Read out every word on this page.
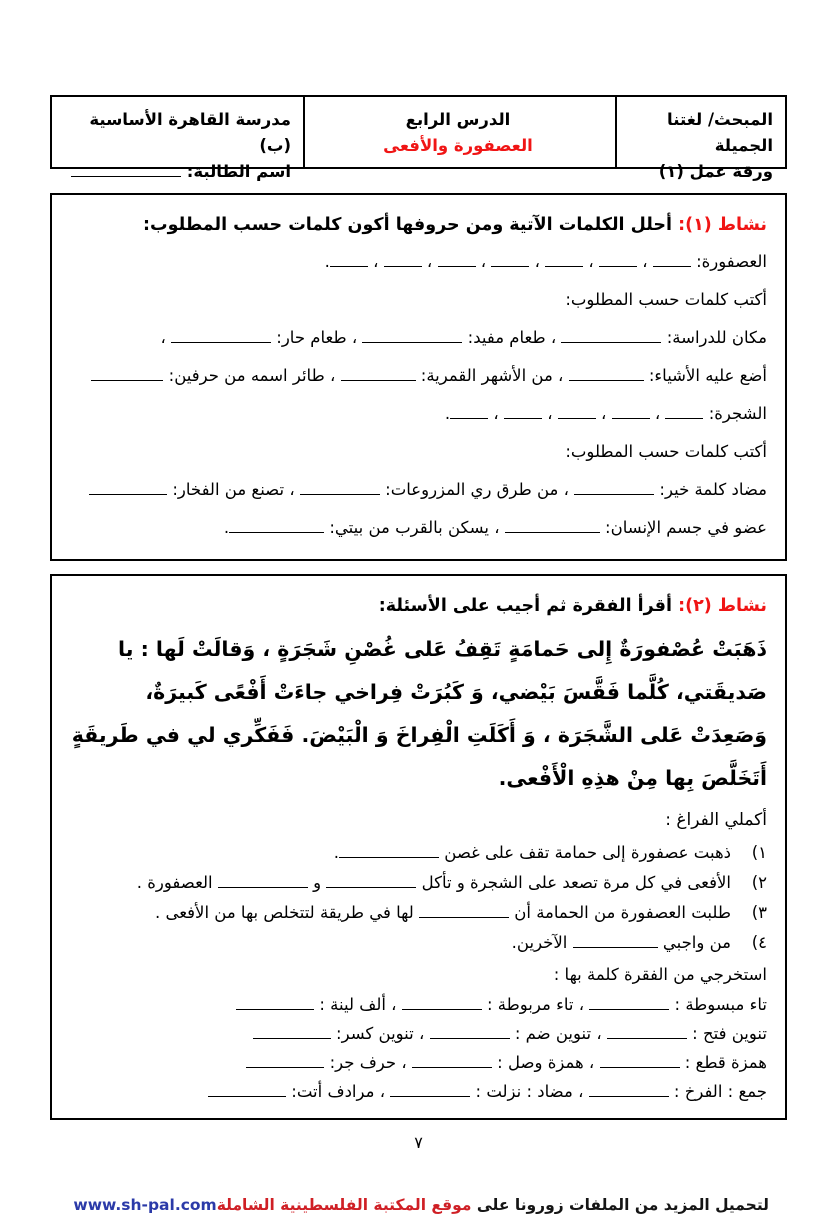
المبحث/ لغتنا الجميلة
ورقة عمل (١)
الدرس الرابع
العصفورة والأفعى
مدرسة القاهرة الأساسية (ب)
اسم الطالبة:
نشاط (١): أحلل الكلمات الآتية ومن حروفها أكون كلمات حسب المطلوب:
العصفورة:  ،  ،  ،  ،  ،  ، .
أكتب كلمات حسب المطلوب:
مكان للدراسة:  ، طعام مفيد:  ، طعام حار:  ،
أضع عليه الأشياء:  ، من الأشهر القمرية:  ، طائر اسمه من حرفين:
الشجرة:  ،  ،  ،  ، .
أكتب كلمات حسب المطلوب:
مضاد كلمة خير:  ، من طرق ري المزروعات:  ، تصنع من الفخار:
عضو في جسم الإنسان:  ، يسكن بالقرب من بيتي: .
نشاط (٢): أقرأ الفقرة ثم أجيب على الأسئلة:
ذَهَبَتْ عُصْفورَةٌ إِلى حَمامَةٍ تَقِفُ عَلى غُصْنِ شَجَرَةٍ ، وَقالَتْ لَها : يا صَديقَتي، كُلَّما فَقَّسَ بَيْضي، وَ كَبُرَتْ فِراخي جاءَتْ أَفْعًى كَبيرَةٌ، وَصَعِدَتْ عَلى الشَّجَرَة ، وَ أَكَلَتِ الْفِراخَ وَ الْبَيْضَ. فَفَكِّري لي في طَريقَةٍ أَتَخَلَّصَ بِها مِنْ هذِهِ الْأَفْعى.
أكملي الفراغ :
١)
ذهبت عصفورة إلى حمامة تقف على غصن .
٢)
الأفعى في كل مرة تصعد على الشجرة و تأكل  و  العصفورة .
٣)
طلبت العصفورة من الحمامة أن  لها في طريقة لتتخلص بها من الأفعى .
٤)
من واجبي  الآخرين.
استخرجي من الفقرة كلمة بها :
تاء مبسوطة :  ، تاء مربوطة :  ، ألف لينة :
تنوين فتح :  ، تنوين ضم :  ، تنوين كسر:
همزة قطع :  ، همزة وصل :  ، حرف جر:
جمع : الفرخ :  ، مضاد : نزلت :  ، مرادف أتت:
٧
لتحميل المزيد من الملفات زورونا على موقع المكتبة الفلسطينية الشاملة www.sh-pal.com
